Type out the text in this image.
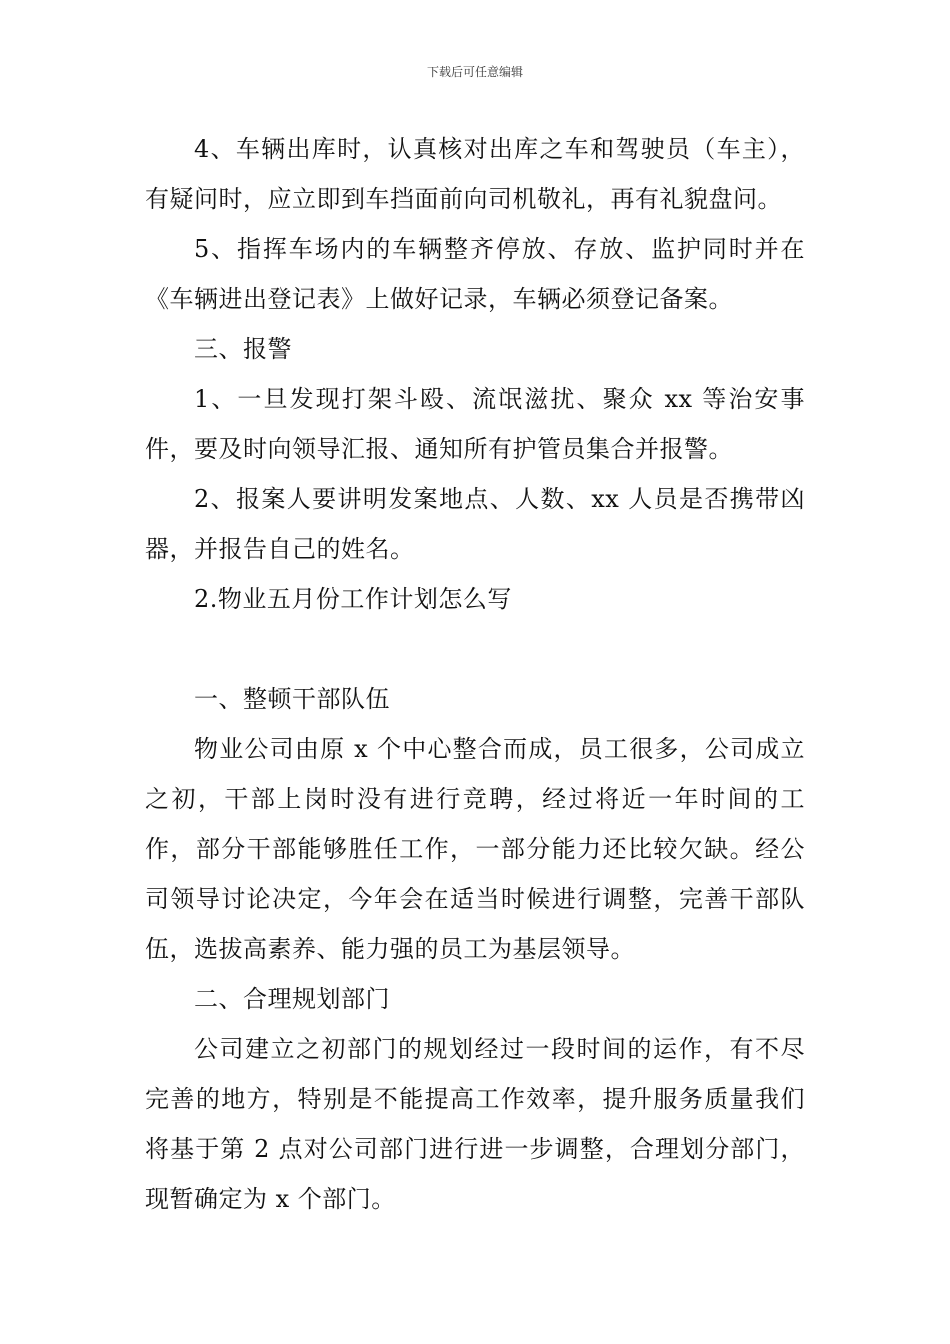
下载后可任意编辑

4、车辆出库时，认真核对出库之车和驾驶员（车主），有疑问时，应立即到车挡面前向司机敬礼，再有礼貌盘问。

5、指挥车场内的车辆整齐停放、存放、监护同时并在《车辆进出登记表》上做好记录，车辆必须登记备案。

三、报警

1、一旦发现打架斗殴、流氓滋扰、聚众 xx 等治安事件，要及时向领导汇报、通知所有护管员集合并报警。

2、报案人要讲明发案地点、人数、xx 人员是否携带凶器，并报告自己的姓名。

2.物业五月份工作计划怎么写

一、整顿干部队伍

物业公司由原 x 个中心整合而成，员工很多，公司成立之初，干部上岗时没有进行竞聘，经过将近一年时间的工作，部分干部能够胜任工作，一部分能力还比较欠缺。经公司领导讨论决定，今年会在适当时候进行调整，完善干部队伍，选拔高素养、能力强的员工为基层领导。

二、合理规划部门

公司建立之初部门的规划经过一段时间的运作，有不尽完善的地方，特别是不能提高工作效率，提升服务质量我们将基于第 2 点对公司部门进行进一步调整，合理划分部门，现暂确定为 x 个部门。
